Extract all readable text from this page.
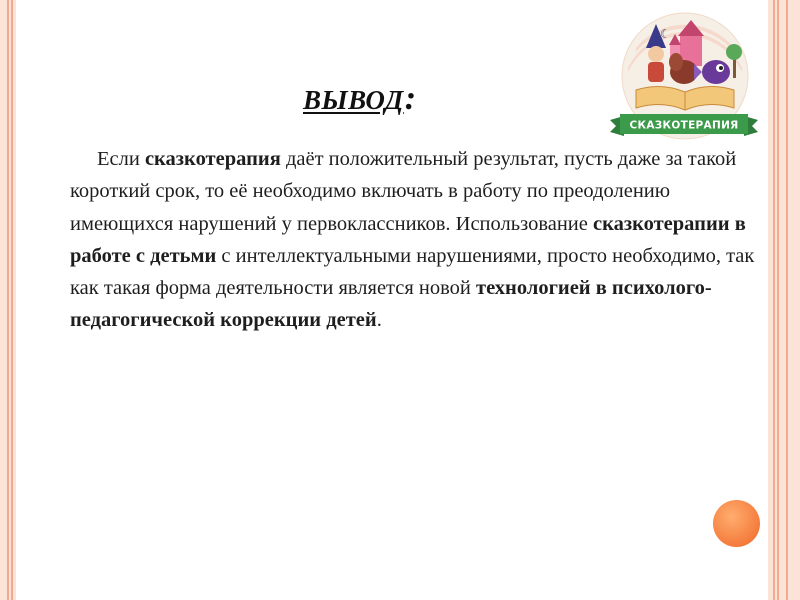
ВЫВОД:

Если сказкотерапия даёт положительный результат, пусть даже за такой короткий срок, то её необходимо включать в работу по преодолению имеющихся нарушений у первоклассников. Использование сказкотерапии в работе с детьми с интеллектуальными нарушениями, просто необходимо, так как такая форма деятельности является новой технологией в психолого- педагогической коррекции детей.

☾
СКАЗКОТЕРАПИЯ
